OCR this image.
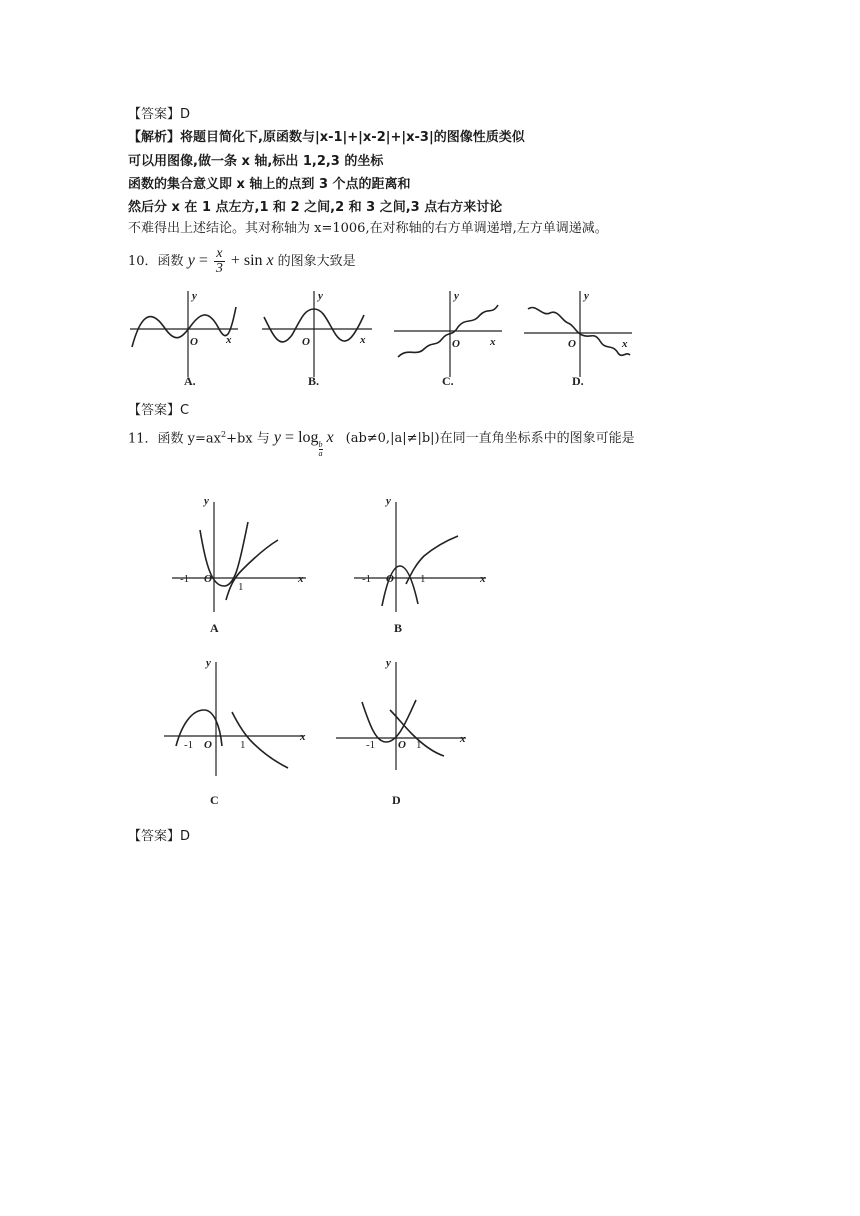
【答案】D
【解析】将题目简化下,原函数与|x-1|+|x-2|+|x-3|的图像性质类似
可以用图像,做一条 x 轴,标出 1,2,3 的坐标
函数的集合意义即 x 轴上的点到 3 个点的距离和
然后分 x 在 1 点左方,1 和 2 之间,2 和 3 之间,3 点右方来讨论
不难得出上述结论。其对称轴为 x=1006,在对称轴的右方单调递增,左方单调递减。
10．函数 $y = \frac{x}{3} + \sin x$ 的图象大致是
y
x
O
A.
y
x
O
B.
y
x
O
C.
y
x
O
D.
【答案】C
11．函数 $y=ax^2+bx$ 与 y = log
$\frac{b}{a}$
x (ab≠0,|a|≠|b|)在同一直角坐标系中的图象可能是
y
x
O
-1
1
A
y
x
O
-1	1
B
y
x
O
-1	1
C
y
x
O
-1	1
D
【答案】D
